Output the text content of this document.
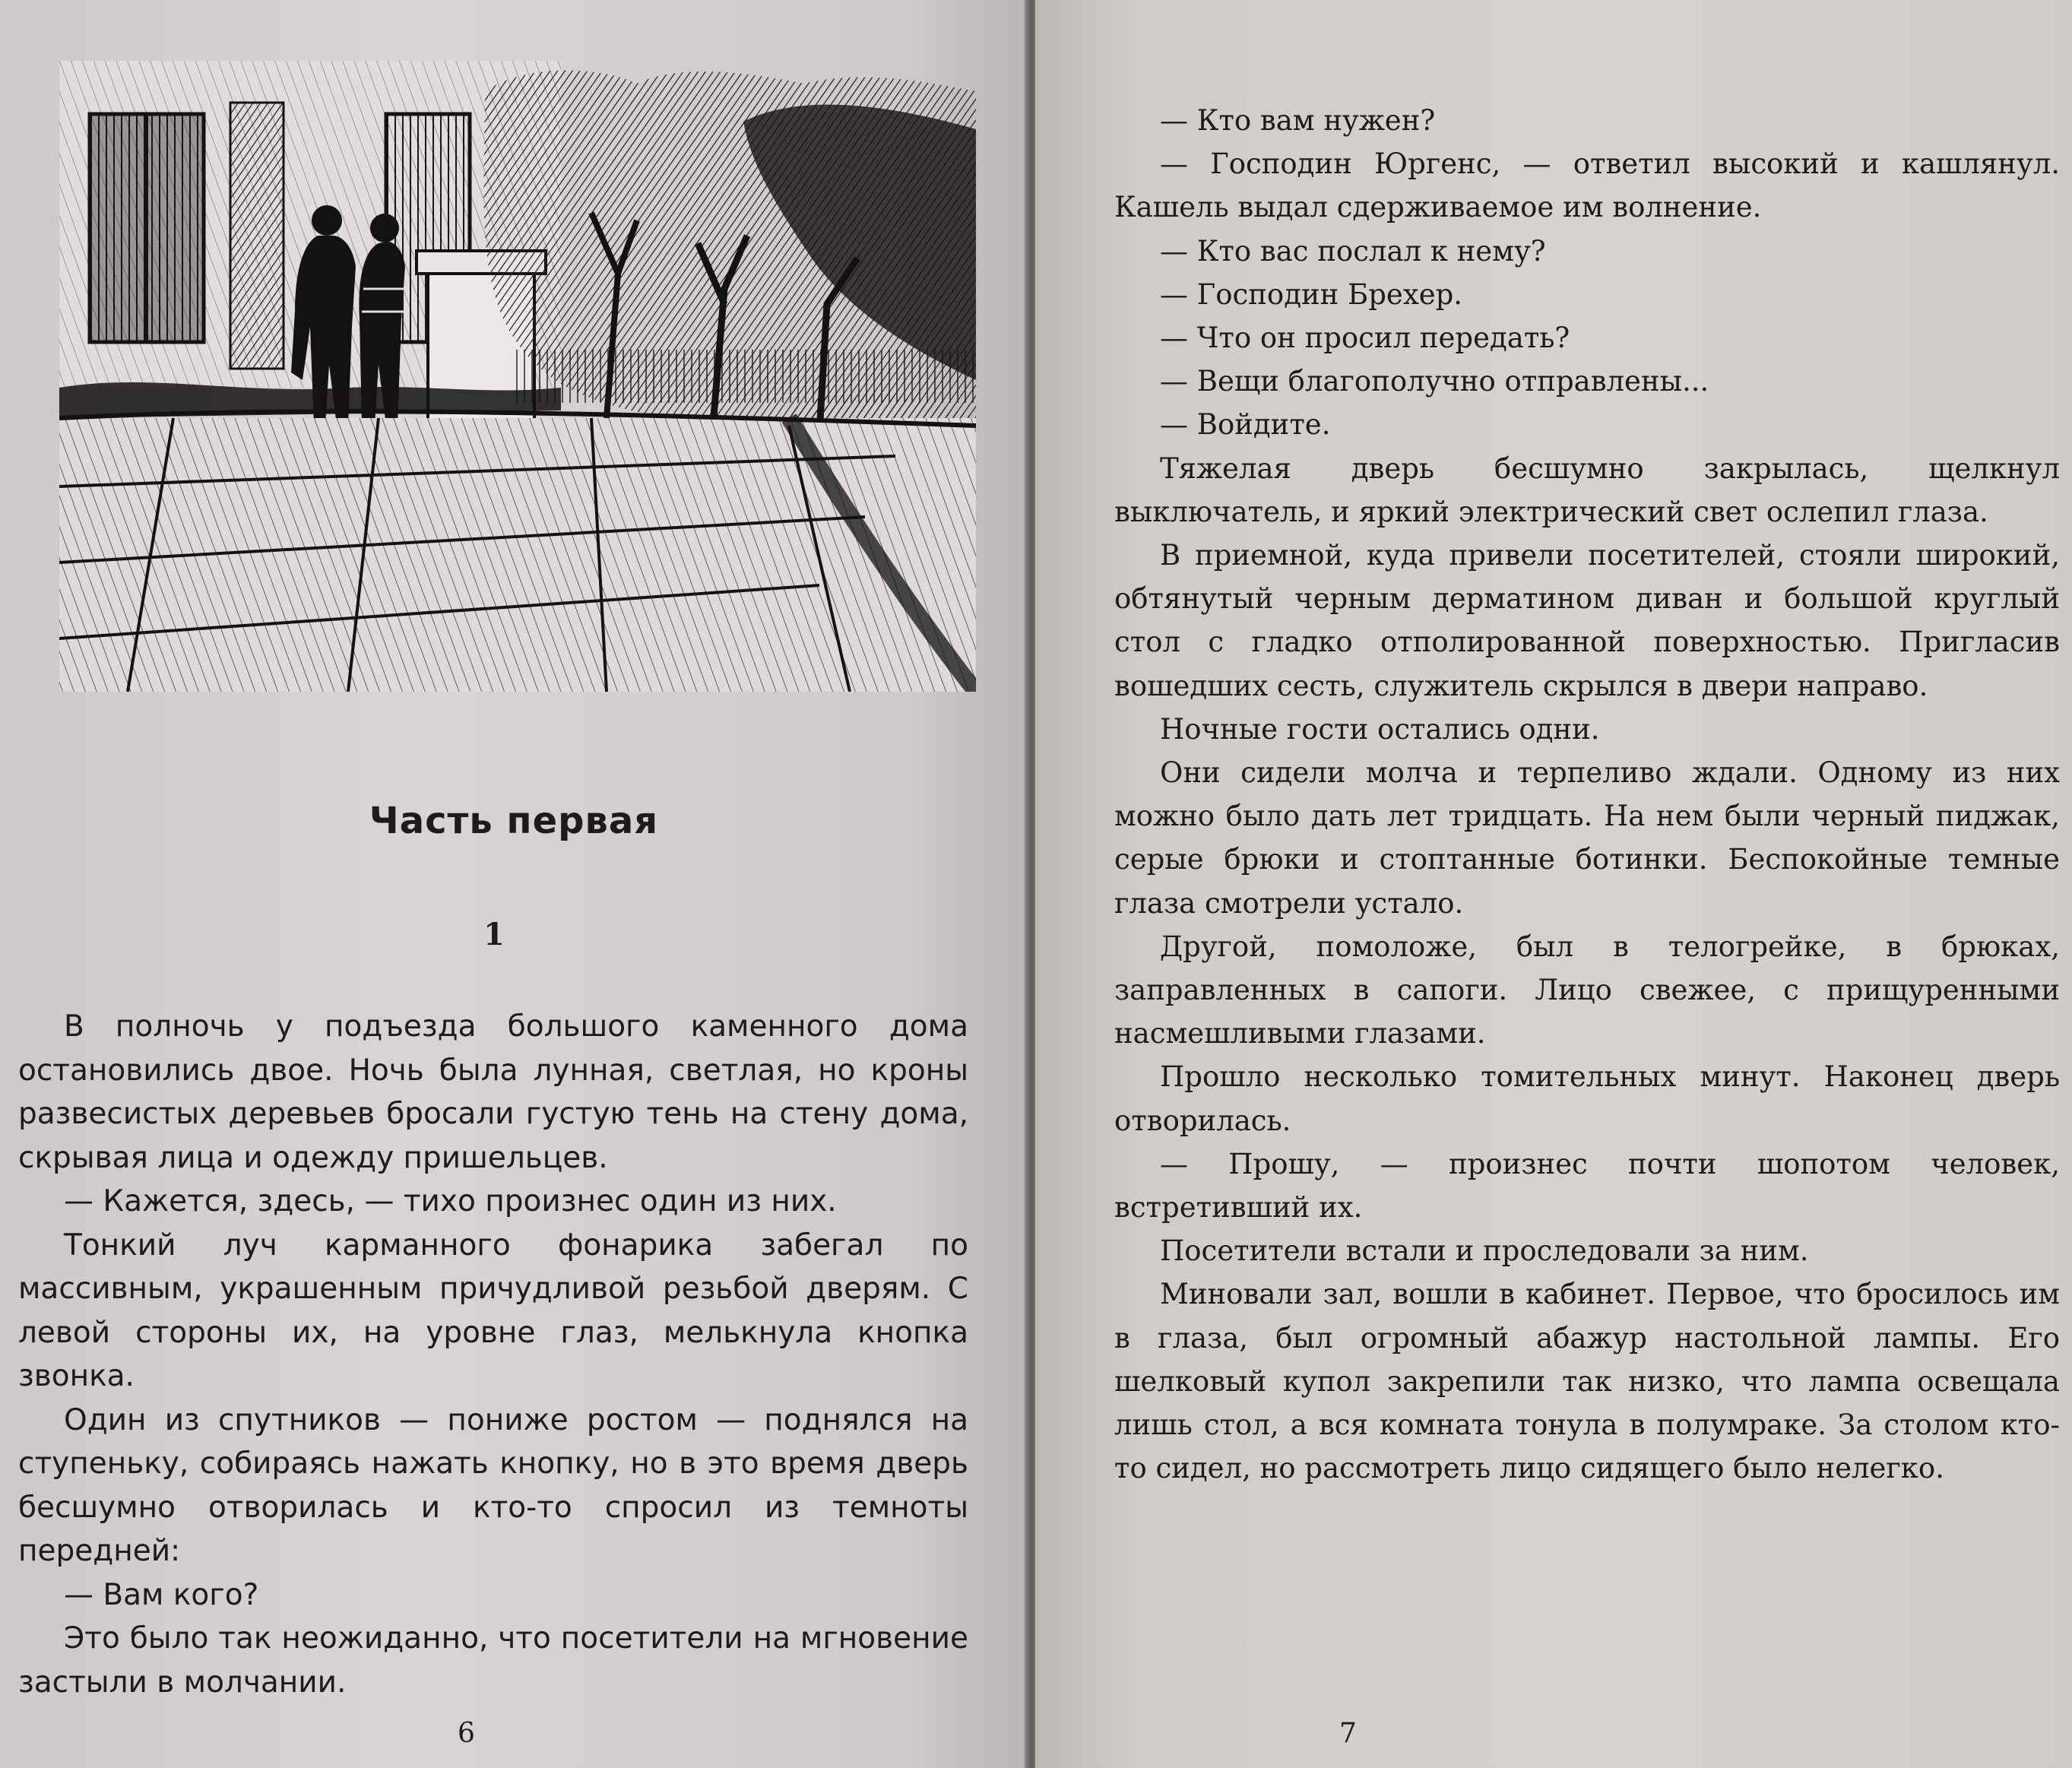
Часть первая
1

В полночь у подъезда большого каменного дома остановились двое. Ночь была лунная, светлая, но кроны развесистых деревьев бросали густую тень на стену дома, скрывая лица и одежду пришельцев.

— Кажется, здесь, — тихо произнес один из них.

Тонкий луч карманного фонарика забегал по массивным, украшенным причудливой резьбой дверям. С левой стороны их, на уровне глаз, мелькнула кнопка звонка.

Один из спутников — пониже ростом — поднялся на ступеньку, собираясь нажать кнопку, но в это время дверь бесшумно отворилась и кто-то спросил из темноты передней:

— Вам кого?

Это было так неожиданно, что посетители на мгновение застыли в молчании.

6

— Кто вам нужен?

— Господин Юргенс, — ответил высокий и кашлянул. Кашель выдал сдерживаемое им волнение.

— Кто вас послал к нему?

— Господин Брехер.

— Что он просил передать?

— Вещи благополучно отправлены...

— Войдите.

Тяжелая дверь бесшумно закрылась, щелкнул выключатель, и яркий электрический свет ослепил глаза.

В приемной, куда привели посетителей, стояли широкий, обтянутый черным дерматином диван и большой круглый стол с гладко отполированной поверхностью. Пригласив вошедших сесть, служитель скрылся в двери направо.

Ночные гости остались одни.

Они сидели молча и терпеливо ждали. Одному из них можно было дать лет тридцать. На нем были черный пиджак, серые брюки и стоптанные ботинки. Беспокойные темные глаза смотрели устало.

Другой, помоложе, был в телогрейке, в брюках, заправленных в сапоги. Лицо свежее, с прищуренными насмешливыми глазами.

Прошло несколько томительных минут. Наконец дверь отворилась.

— Прошу, — произнес почти шопотом человек, встретивший их.

Посетители встали и проследовали за ним.

Миновали зал, вошли в кабинет. Первое, что бросилось им в глаза, был огромный абажур настольной лампы. Его шелковый купол закрепили так низко, что лампа освещала лишь стол, а вся комната тонула в полумраке. За столом кто-то сидел, но рассмотреть лицо сидящего было нелегко.

7
